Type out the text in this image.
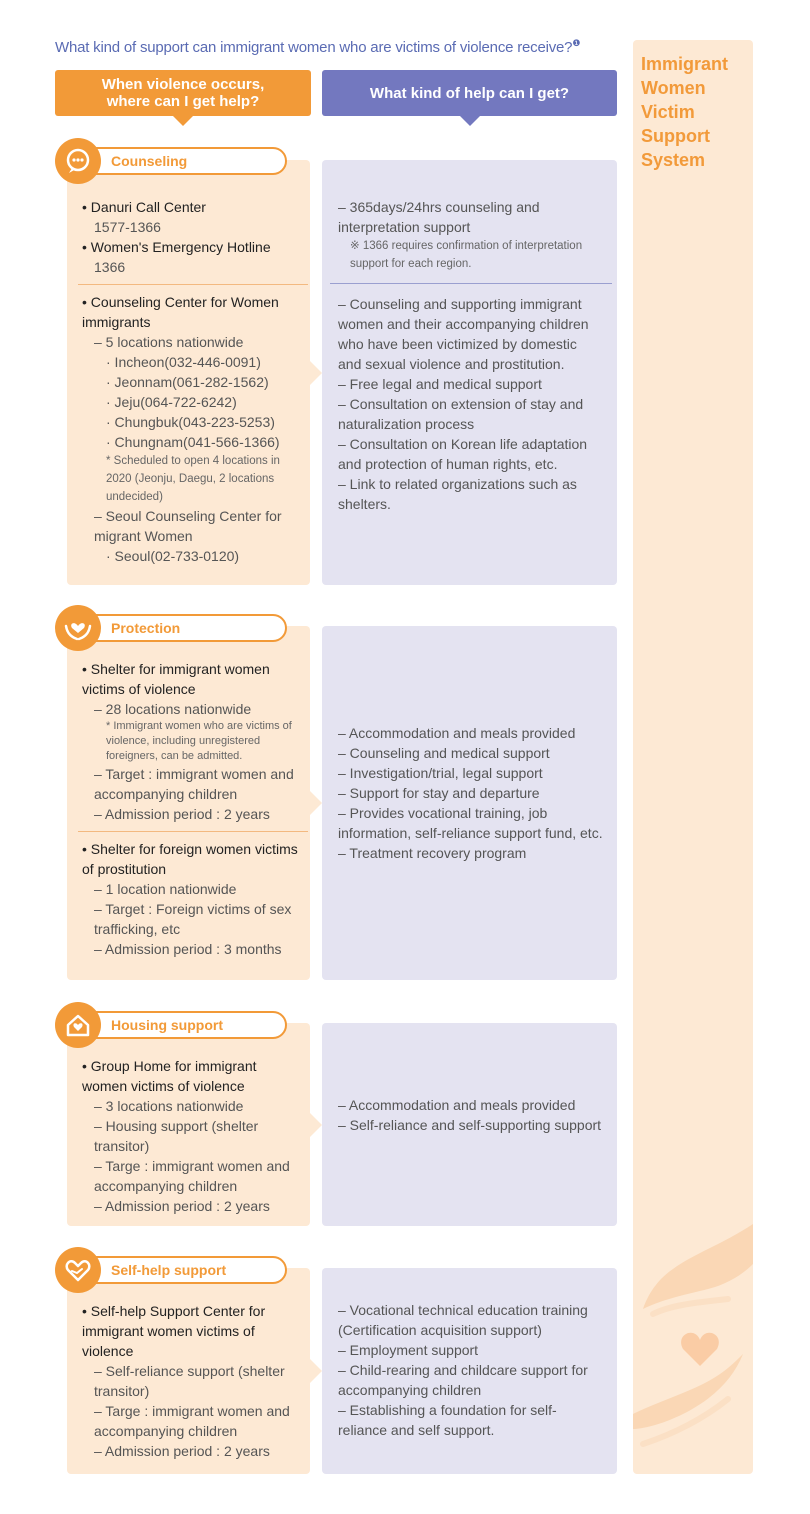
What kind of support can immigrant women who are victims of violence receive?$^❶$
Immigrant
Women
Victim
Support
System
When violence occurs,
where can I get help?	What kind of help can I get?
Counseling

• Danuri Call Center

1577-1366

• Women's Emergency Hotline

1366

• Counseling Center for Women immigrants

– 5 locations nationwide

· Incheon(032-446-0091)

· Jeonnam(061-282-1562)

· Jeju(064-722-6242)

· Chungbuk(043-223-5253)

· Chungnam(041-566-1366)

* Scheduled to open 4 locations in 2020 (Jeonju, Daegu, 2 locations undecided)

– Seoul Counseling Center for migrant Women

· Seoul(02-733-0120)

– 365days/24hrs counseling and interpretation support

※ 1366 requires confirmation of interpretation support for each region.

– Counseling and supporting immigrant women and their accompanying children who have been victimized by domestic and sexual violence and prostitution.

– Free legal and medical support

– Consultation on extension of stay and naturalization process

– Consultation on Korean life adaptation and protection of human rights, etc.

– Link to related organizations such as shelters.

Protection

• Shelter for immigrant women victims of violence

– 28 locations nationwide

* Immigrant women who are victims of violence, including unregistered foreigners, can be admitted.

– Target : immigrant women and accompanying children

– Admission period : 2 years

• Shelter for foreign women victims of prostitution

– 1 location nationwide

– Target : Foreign victims of sex trafficking, etc

– Admission period : 3 months

– Accommodation and meals provided

– Counseling and medical support

– Investigation/trial, legal support

– Support for stay and departure

– Provides vocational training, job information, self-reliance support fund, etc.

– Treatment recovery program

Housing support

• Group Home for immigrant women victims of violence

– 3 locations nationwide

– Housing support (shelter transitor)

– Targe : immigrant women and accompanying children

– Admission period : 2 years

– Accommodation and meals provided

– Self-reliance and self-supporting support

Self-help support

• Self-help Support Center for immigrant women victims of violence

– Self-reliance support (shelter transitor)

– Targe : immigrant women and accompanying children

– Admission period : 2 years

– Vocational technical education training (Certification acquisition support)

– Employment support

– Child-rearing and childcare support for accompanying children

– Establishing a foundation for self-reliance and self support.
